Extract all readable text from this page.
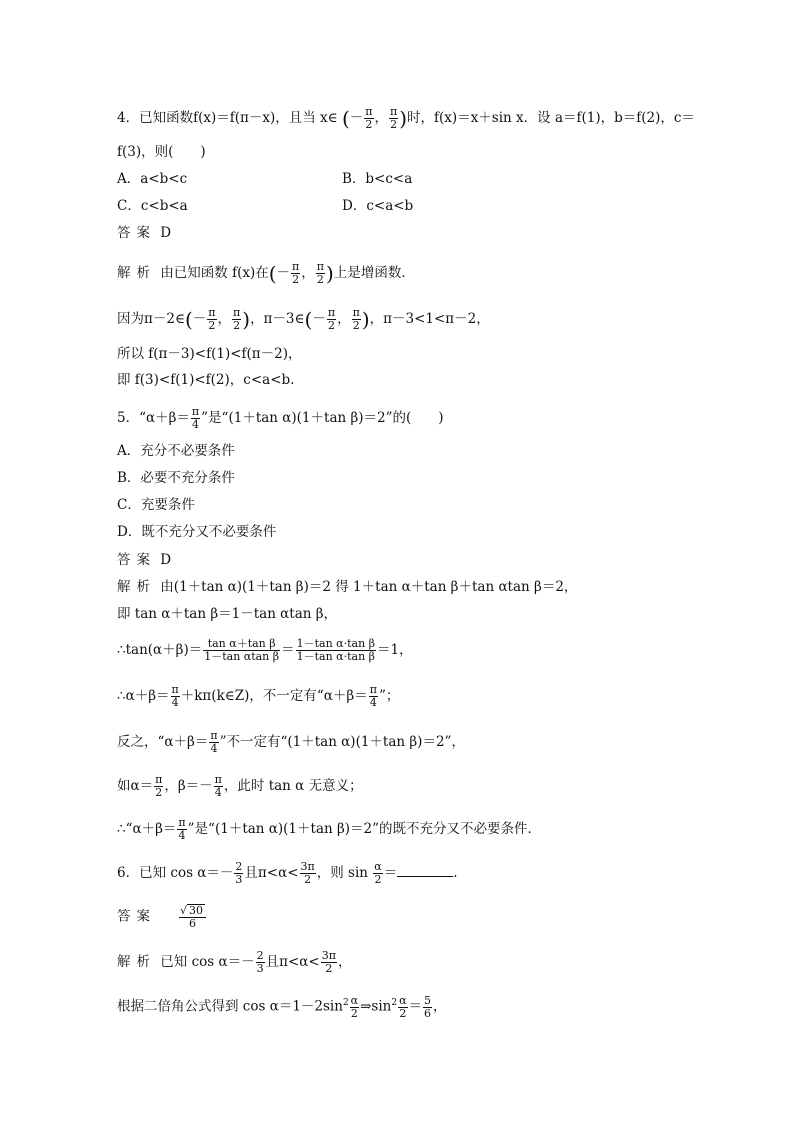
4．已知函数f(x)＝f(π－x)，且当 x∈ (－ $\frac{\pi}{2}$ ， $\frac{\pi}{2}$ )时，f(x)＝x＋sin x．设 a＝f(1)，b＝f(2)，c＝
f(3)，则(　　)
A．a<b<c	B．b<c<a
C．c<b<a	D．c<a<b
答案 D
解析 由已知函数 f(x)在(－ $\frac{\pi}{2}$ ， $\frac{\pi}{2}$ )上是增函数．
因为π－2∈(－ $\frac{\pi}{2}$ ， $\frac{\pi}{2}$ )，π－3∈(－ $\frac{\pi}{2}$ ， $\frac{\pi}{2}$ )，π－3<1<π－2，
所以 f(π－3)<f(1)<f(π－2)，
即 f(3)<f(1)<f(2)，c<a<b.
5．“$\alpha+\beta= \frac{\pi}{4}$ ”是“(1＋tan α)(1＋tan β)＝2”的(　　)
A．充分不必要条件
B．必要不充分条件
C．充要条件
D．既不充分又不必要条件
答案 D
解析 由(1＋tan α)(1＋tan β)＝2 得 1＋tan α＋tan β＋tan αtan β＝2，
即 tan α＋tan β＝1－tan αtan β，
∴tan(α＋β)＝ $\frac{\text{tan α＋tan β}}{\text{1－tan αtan β}} = \frac{\text{1－tan α·tan β}}{\text{1－tan α·tan β}} =1$，
∴α＋β＝ $\frac{\pi}{4}$ ＋kπ(k∈Z)，不一定有“$\alpha+\beta= \frac{\pi}{4}$ ”；
反之，“$\alpha+\beta= \frac{\pi}{4}$ ”不一定有“(1＋tan α)(1＋tan β)＝2”，
如$\alpha= \frac{\pi}{2}$ ，$\beta=- \frac{\pi}{4}$ ，此时 tan α 无意义；
∴“α＋β＝ $\frac{\pi}{4}$ ”是“(1＋tan α)(1＋tan β)＝2”的既不充分又不必要条件．
6．已知 $\cos \alpha=- \frac{2}{3}$ 且$\pi<\alpha< \frac{3\pi}{2}$ ，则 $\sin \frac{\alpha}{2}$ ＝	.
答案 $\frac{√ 30}{6}$
解析 已知 $\cos \alpha=- \frac{2}{3}$ 且$\pi<\alpha< \frac{3\pi}{2}$ ，
根据二倍角公式得到 $\cos \alpha=1-2\sin^2 \frac{\alpha}{2}$ $\Rightarrow\sin^2 \frac{\alpha}{2} = \frac{5}{6}$ ，
